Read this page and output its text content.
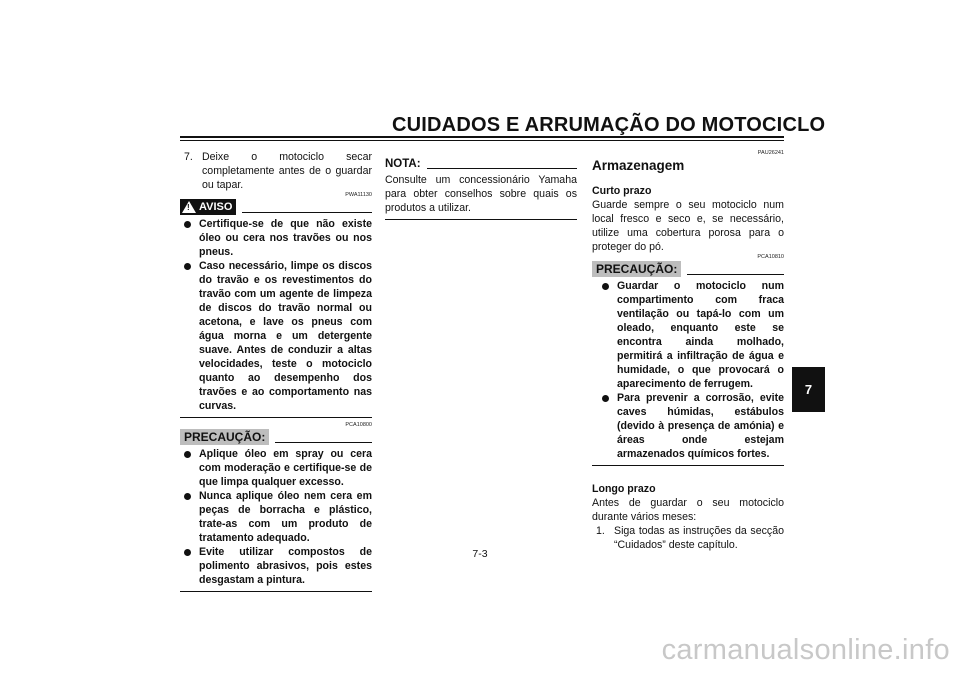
CUIDADOS E ARRUMAÇÃO DO MOTOCICLO
7. Deixe o motociclo secar completamente antes de o guardar ou tapar.

PWA11130

! AVISO
Certifique-se de que não existe óleo ou cera nos travões ou nos pneus.
Caso necessário, limpe os discos do travão e os revestimentos do travão com um agente de limpeza de discos do travão normal ou acetona, e lave os pneus com água morna e um detergente suave. Antes de conduzir a altas velocidades, teste o motociclo quanto ao desempenho dos travões e ao comportamento nas curvas.

PCA10800

PRECAUÇÃO:
Aplique óleo em spray ou cera com moderação e certifique-se de que limpa qualquer excesso.
Nunca aplique óleo nem cera em peças de borracha e plástico, trate-as com um produto de tratamento adequado.
Evite utilizar compostos de polimento abrasivos, pois estes desgastam a pintura.
NOTA:

Consulte um concessionário Yamaha para obter conselhos sobre quais os produtos a utilizar.

PAU26241

Armazenagem

Curto prazo

Guarde sempre o seu motociclo num local fresco e seco e, se necessário, utilize uma cobertura porosa para o proteger do pó.

PCA10810

PRECAUÇÃO:
Guardar o motociclo num compartimento com fraca ventilação ou tapá-lo com um oleado, enquanto este se encontra ainda molhado, permitirá a infiltração de água e humidade, o que provocará o aparecimento de ferrugem.
Para prevenir a corrosão, evite caves húmidas, estábulos (devido à presença de amónia) e áreas onde estejam armazenados químicos fortes.

Longo prazo

Antes de guardar o seu motociclo durante vários meses:

1. Siga todas as instruções da secção “Cuidados” deste capítulo.
7
7-3
carmanualsonline.info
